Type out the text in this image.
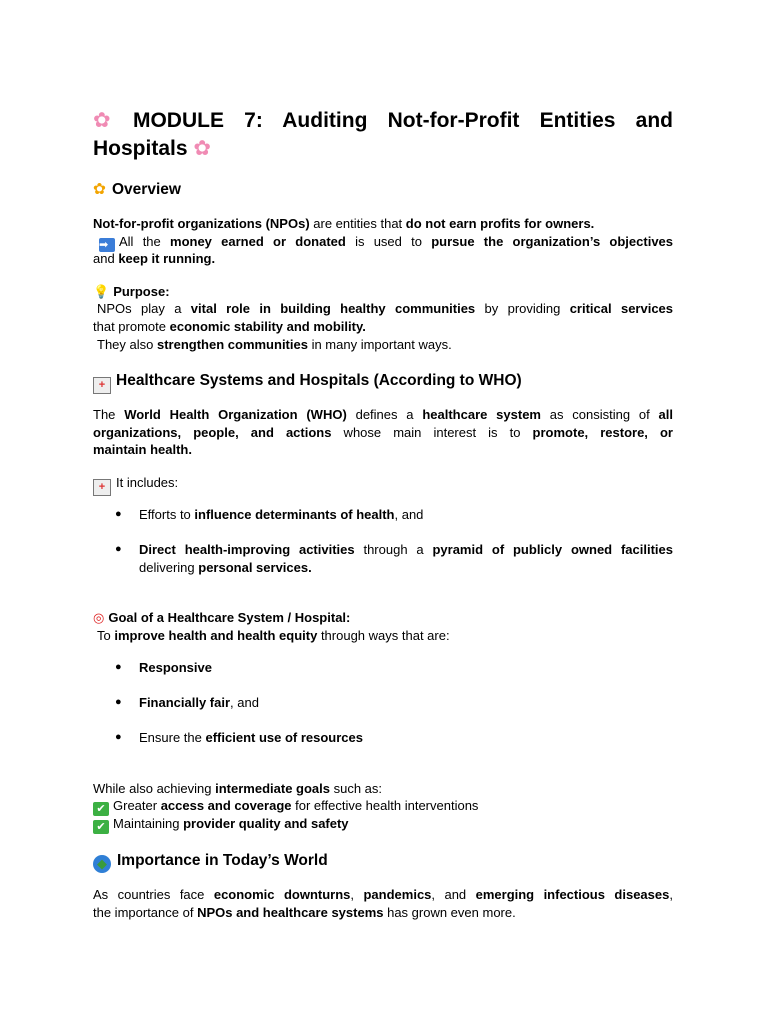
✿ MODULE 7: Auditing Not-for-Profit Entities and
Hospitals ✿
✿ Overview

Not-for-profit organizations (NPOs) are entities that do not earn profits for owners.

➡ All the money earned or donated is used to pursue the organization’s objectives

and keep it running.

💡 Purpose:

NPOs play a vital role in building healthy communities by providing critical services

that promote economic stability and mobility.

They also strengthen communities in many important ways.

+ Healthcare Systems and Hospitals (According to WHO)

The World Health Organization (WHO) defines a healthcare system as consisting of all

organizations, people, and actions whose main interest is to promote, restore, or

maintain health.

+ It includes:

● Efforts to influence determinants of health, and

● Direct health-improving activities through a pyramid of publicly owned facilities

delivering personal services.

◎ Goal of a Healthcare System / Hospital:

To improve health and health equity through ways that are:

● Responsive

● Financially fair, and

● Ensure the efficient use of resources

While also achieving intermediate goals such as:

✔ Greater access and coverage for effective health interventions

✔ Maintaining provider quality and safety

◆ Importance in Today’s World

As countries face economic downturns, pandemics, and emerging infectious diseases,

the importance of NPOs and healthcare systems has grown even more.
